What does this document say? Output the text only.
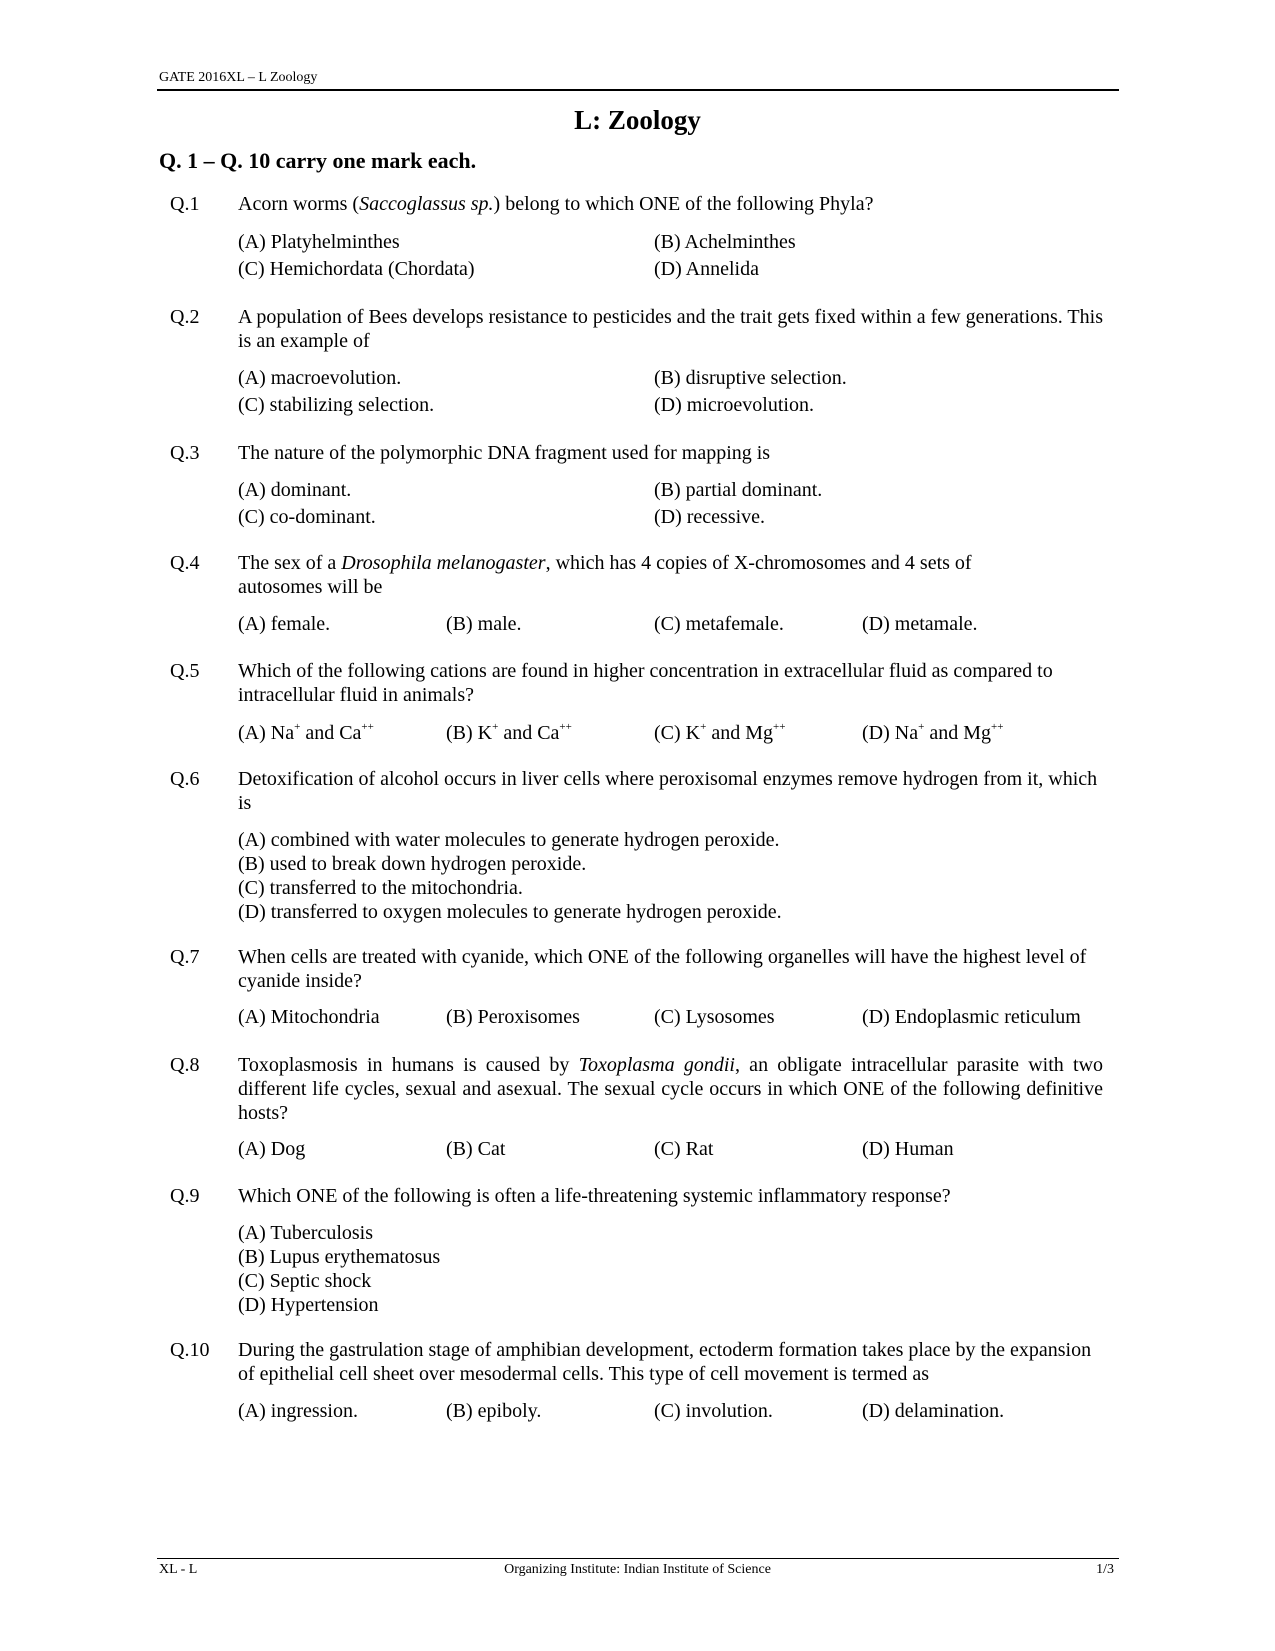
GATE 2016XL – L Zoology
L: Zoology
Q. 1 – Q. 10 carry one mark each.
Q.1 Acorn worms (Saccoglassus sp.) belong to which ONE of the following Phyla?
(A) Platyhelminthes	(B) Achelminthes
(C) Hemichordata (Chordata)	(D) Annelida
Q.2 A population of Bees develops resistance to pesticides and the trait gets fixed within a few generations. This is an example of
(A) macroevolution.	(B) disruptive selection.
(C) stabilizing selection.	(D) microevolution.
Q.3 The nature of the polymorphic DNA fragment used for mapping is
(A) dominant.	(B) partial dominant.
(C) co-dominant.	(D) recessive.
Q.4 The sex of a Drosophila melanogaster, which has 4 copies of X-chromosomes and 4 sets of autosomes will be
(A) female.	(B) male.	(C) metafemale.	(D) metamale.
Q.5 Which of the following cations are found in higher concentration in extracellular fluid as compared to intracellular fluid in animals?
(A) Na+ and Ca++	(B) K+ and Ca++	(C) K+ and Mg++	(D) Na+ and Mg++
Q.6 Detoxification of alcohol occurs in liver cells where peroxisomal enzymes remove hydrogen from it, which is
(A) combined with water molecules to generate hydrogen peroxide.
(B) used to break down hydrogen peroxide.
(C) transferred to the mitochondria.
(D) transferred to oxygen molecules to generate hydrogen peroxide.
Q.7 When cells are treated with cyanide, which ONE of the following organelles will have the highest level of cyanide inside?
(A) Mitochondria	(B) Peroxisomes	(C) Lysosomes	(D) Endoplasmic reticulum
Q.8 Toxoplasmosis in humans is caused by Toxoplasma gondii, an obligate intracellular parasite with two different life cycles, sexual and asexual. The sexual cycle occurs in which ONE of the following definitive hosts?
(A) Dog	(B) Cat	(C) Rat	(D) Human
Q.9 Which ONE of the following is often a life-threatening systemic inflammatory response?
(A) Tuberculosis
(B) Lupus erythematosus
(C) Septic shock
(D) Hypertension
Q.10 During the gastrulation stage of amphibian development, ectoderm formation takes place by the expansion of epithelial cell sheet over mesodermal cells. This type of cell movement is termed as
(A) ingression.	(B) epiboly.	(C) involution.	(D) delamination.
XL - L	Organizing Institute: Indian Institute of Science	1/3
